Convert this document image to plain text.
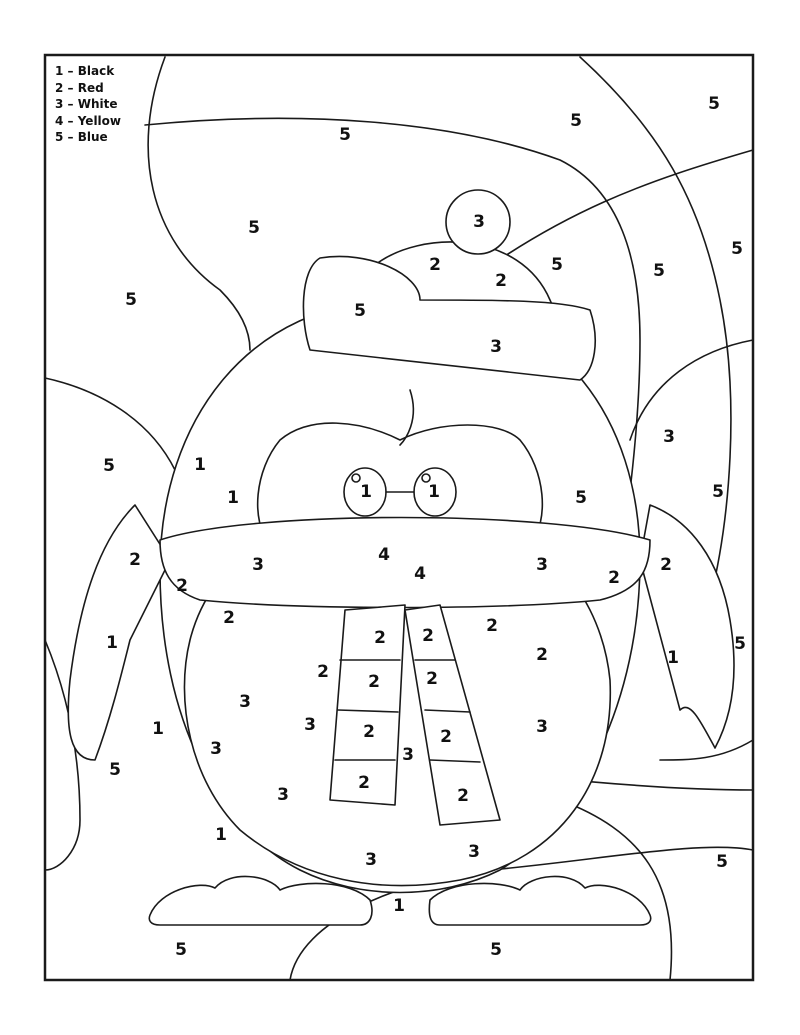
5
5
5
5
5
3
2
2
5	5
5
5
3
3
5	1
1	1	1	5	5
2
2
3	4
4	3
2
2
2
2 2	2
1
1
5
2
2 2	2
3
1	3	3
3
2	2
3
5
3
2
2
1
3	5
1
5	5
3
1 – Black
2 – Red
3 – White
4 – Yellow
5 – Blue
